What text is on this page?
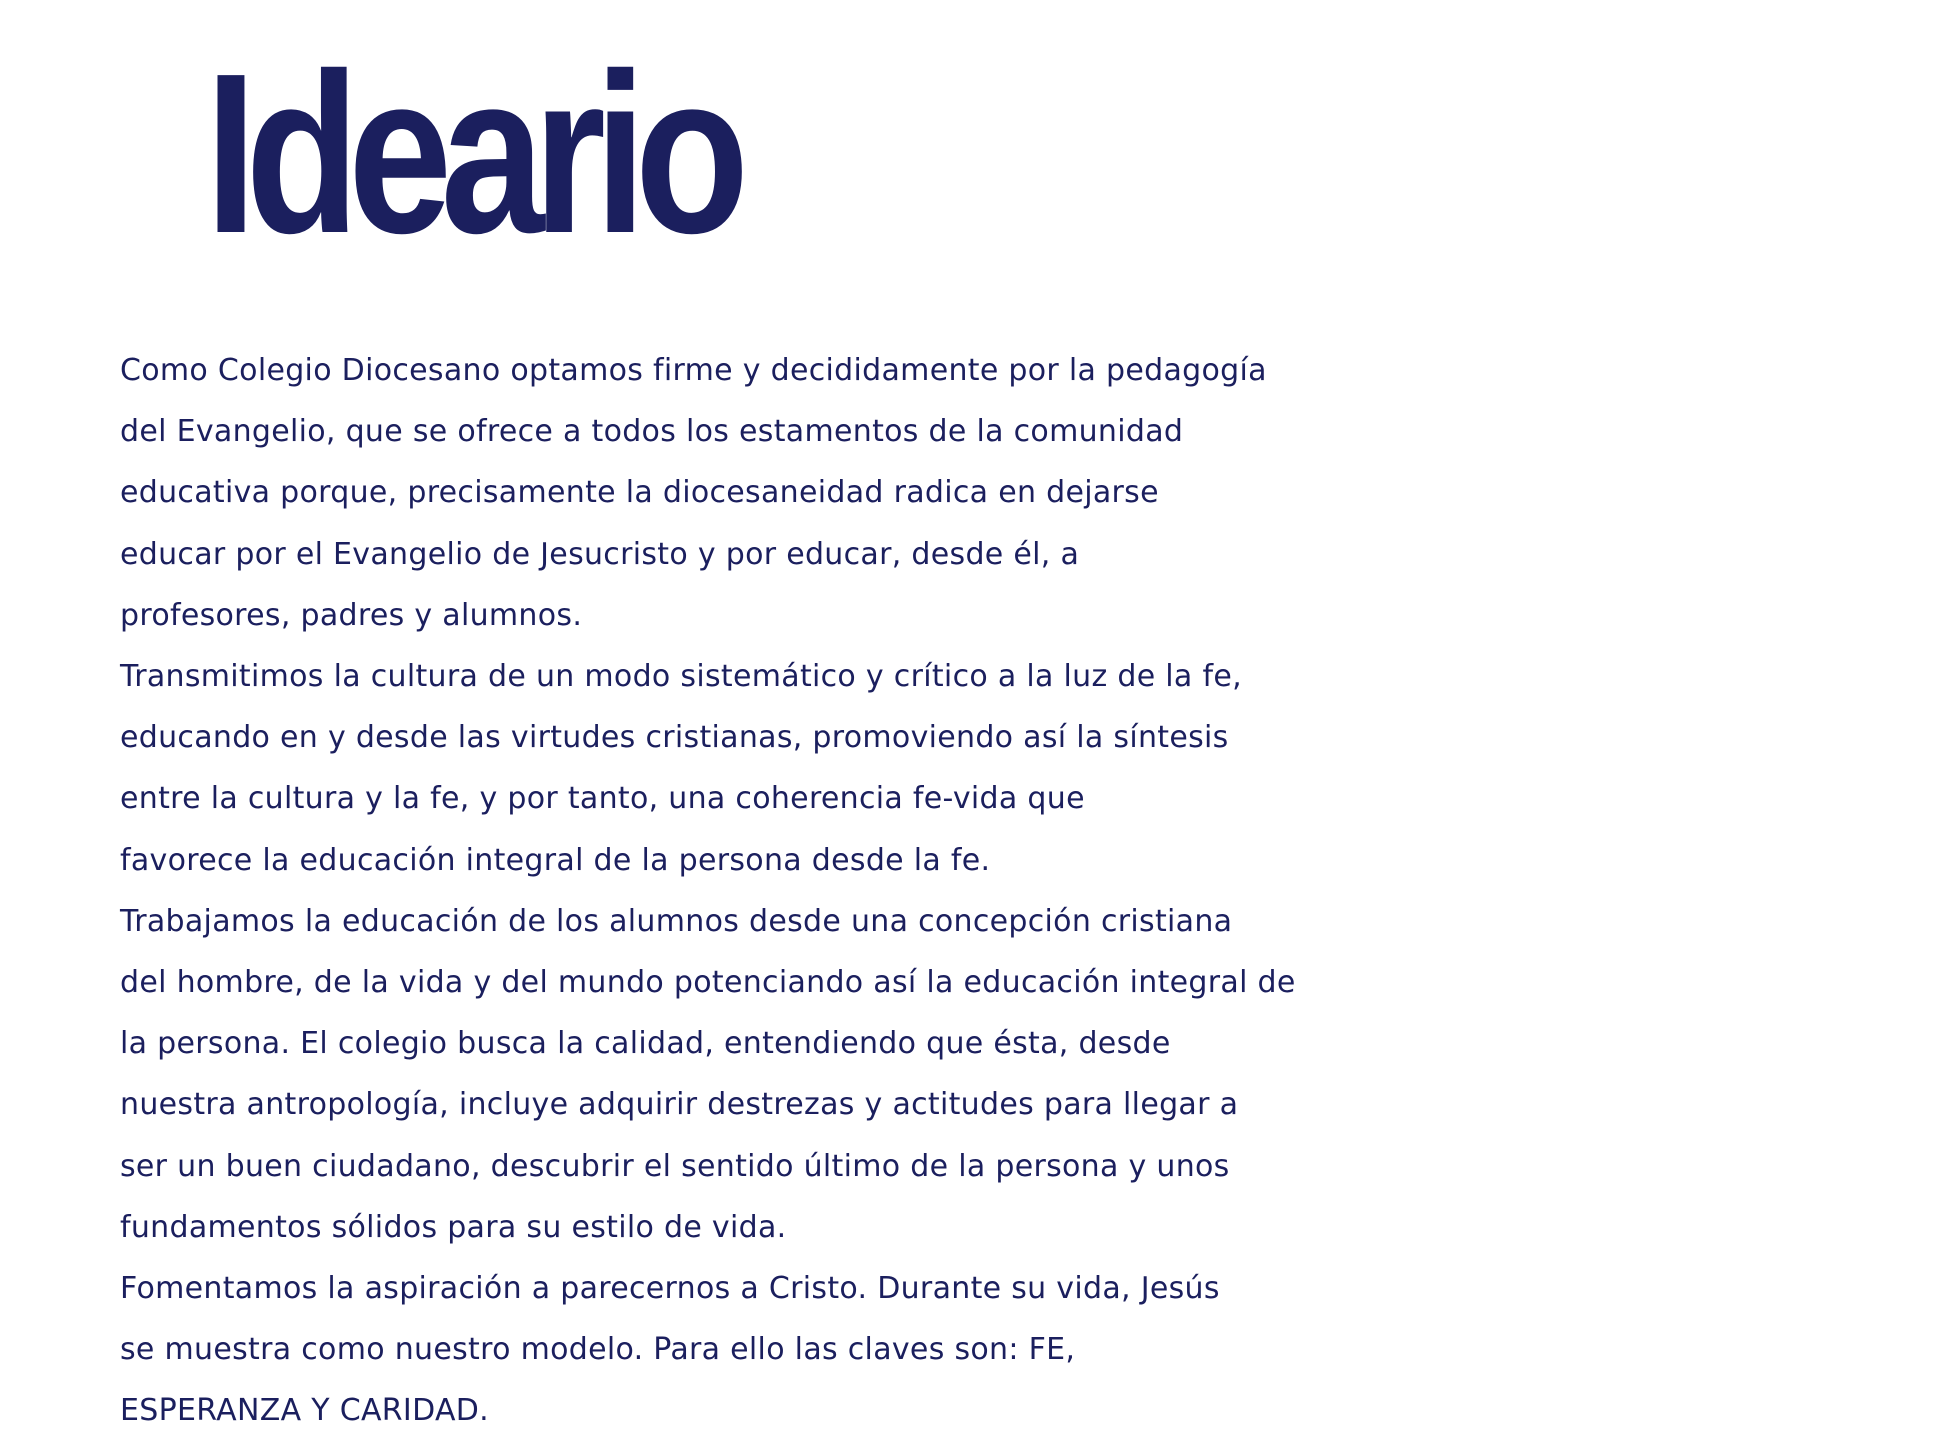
Ideario
Como Colegio Diocesano optamos firme y decididamente por la pedagogía
del Evangelio, que se ofrece a todos los estamentos de la comunidad
educativa porque, precisamente la diocesaneidad radica en dejarse
educar por el Evangelio de Jesucristo y por educar, desde él, a
profesores, padres y alumnos.
Transmitimos la cultura de un modo sistemático y crítico a la luz de la fe,
educando en y desde las virtudes cristianas, promoviendo así la síntesis
entre la cultura y la fe, y por tanto, una coherencia fe-vida que
favorece la educación integral de la persona desde la fe.
Trabajamos la educación de los alumnos desde una concepción cristiana
del hombre, de la vida y del mundo potenciando así la educación integral de
la persona. El colegio busca la calidad, entendiendo que ésta, desde
nuestra antropología, incluye adquirir destrezas y actitudes para llegar a
ser un buen ciudadano, descubrir el sentido último de la persona y unos
fundamentos sólidos para su estilo de vida.
Fomentamos la aspiración a parecernos a Cristo. Durante su vida, Jesús
se muestra como nuestro modelo. Para ello las claves son: FE,
ESPERANZA Y CARIDAD.
